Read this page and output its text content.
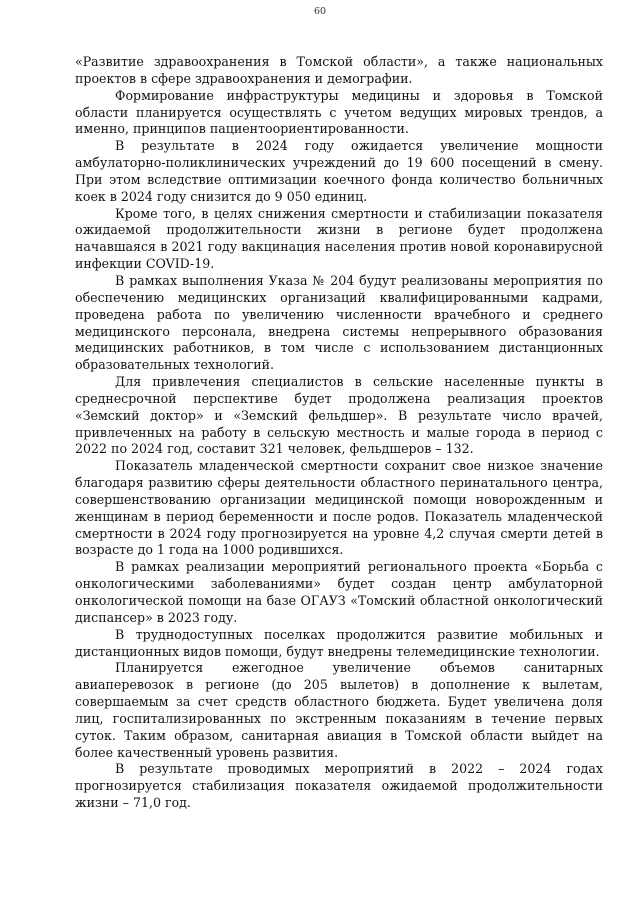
60

«Развитие здравоохранения в Томской области», а также национальных проектов в сфере здравоохранения и демографии.

Формирование инфраструктуры медицины и здоровья в Томской области планируется осуществлять с учетом ведущих мировых трендов, а именно, принципов пациентоориентированности.

В результате в 2024 году ожидается увеличение мощности амбулаторно-поликлинических учреждений до 19 600 посещений в смену. При этом вследствие оптимизации коечного фонда количество больничных коек в 2024 году снизится до 9 050 единиц.

Кроме того, в целях снижения смертности и стабилизации показателя ожидаемой продолжительности жизни в регионе будет продолжена начавшаяся в 2021 году вакцинация населения против новой коронавирусной инфекции COVID-19.

В рамках выполнения Указа № 204 будут реализованы мероприятия по обеспечению медицинских организаций квалифицированными кадрами, проведена работа по увеличению численности врачебного и среднего медицинского персонала, внедрена системы непрерывного образования медицинских работников, в том числе с использованием дистанционных образовательных технологий.

Для привлечения специалистов в сельские населенные пункты в среднесрочной перспективе будет продолжена реализация проектов «Земский доктор» и «Земский фельдшер». В результате число врачей, привлеченных на работу в сельскую местность и малые города в период с 2022 по 2024 год, составит 321 человек, фельдшеров – 132.

Показатель младенческой смертности сохранит свое низкое значение благодаря развитию сферы деятельности областного перинатального центра, совершенствованию организации медицинской помощи новорожденным и женщинам в период беременности и после родов. Показатель младенческой смертности в 2024 году прогнозируется на уровне 4,2 случая смерти детей в возрасте до 1 года на 1000 родившихся.

В рамках реализации мероприятий регионального проекта «Борьба с онкологическими заболеваниями» будет создан центр амбулаторной онкологической помощи на базе ОГАУЗ «Томский областной онкологический диспансер» в 2023 году.

В труднодоступных поселках продолжится развитие мобильных и дистанционных видов помощи, будут внедрены телемедицинские технологии.

Планируется ежегодное увеличение объемов санитарных авиаперевозок в регионе (до 205 вылетов) в дополнение к вылетам, совершаемым за счет средств областного бюджета. Будет увеличена доля лиц, госпитализированных по экстренным показаниям в течение первых суток. Таким образом, санитарная авиация в Томской области выйдет на более качественный уровень развития.

В результате проводимых мероприятий в 2022 – 2024 годах прогнозируется стабилизация показателя ожидаемой продолжительности жизни – 71,0 год.
